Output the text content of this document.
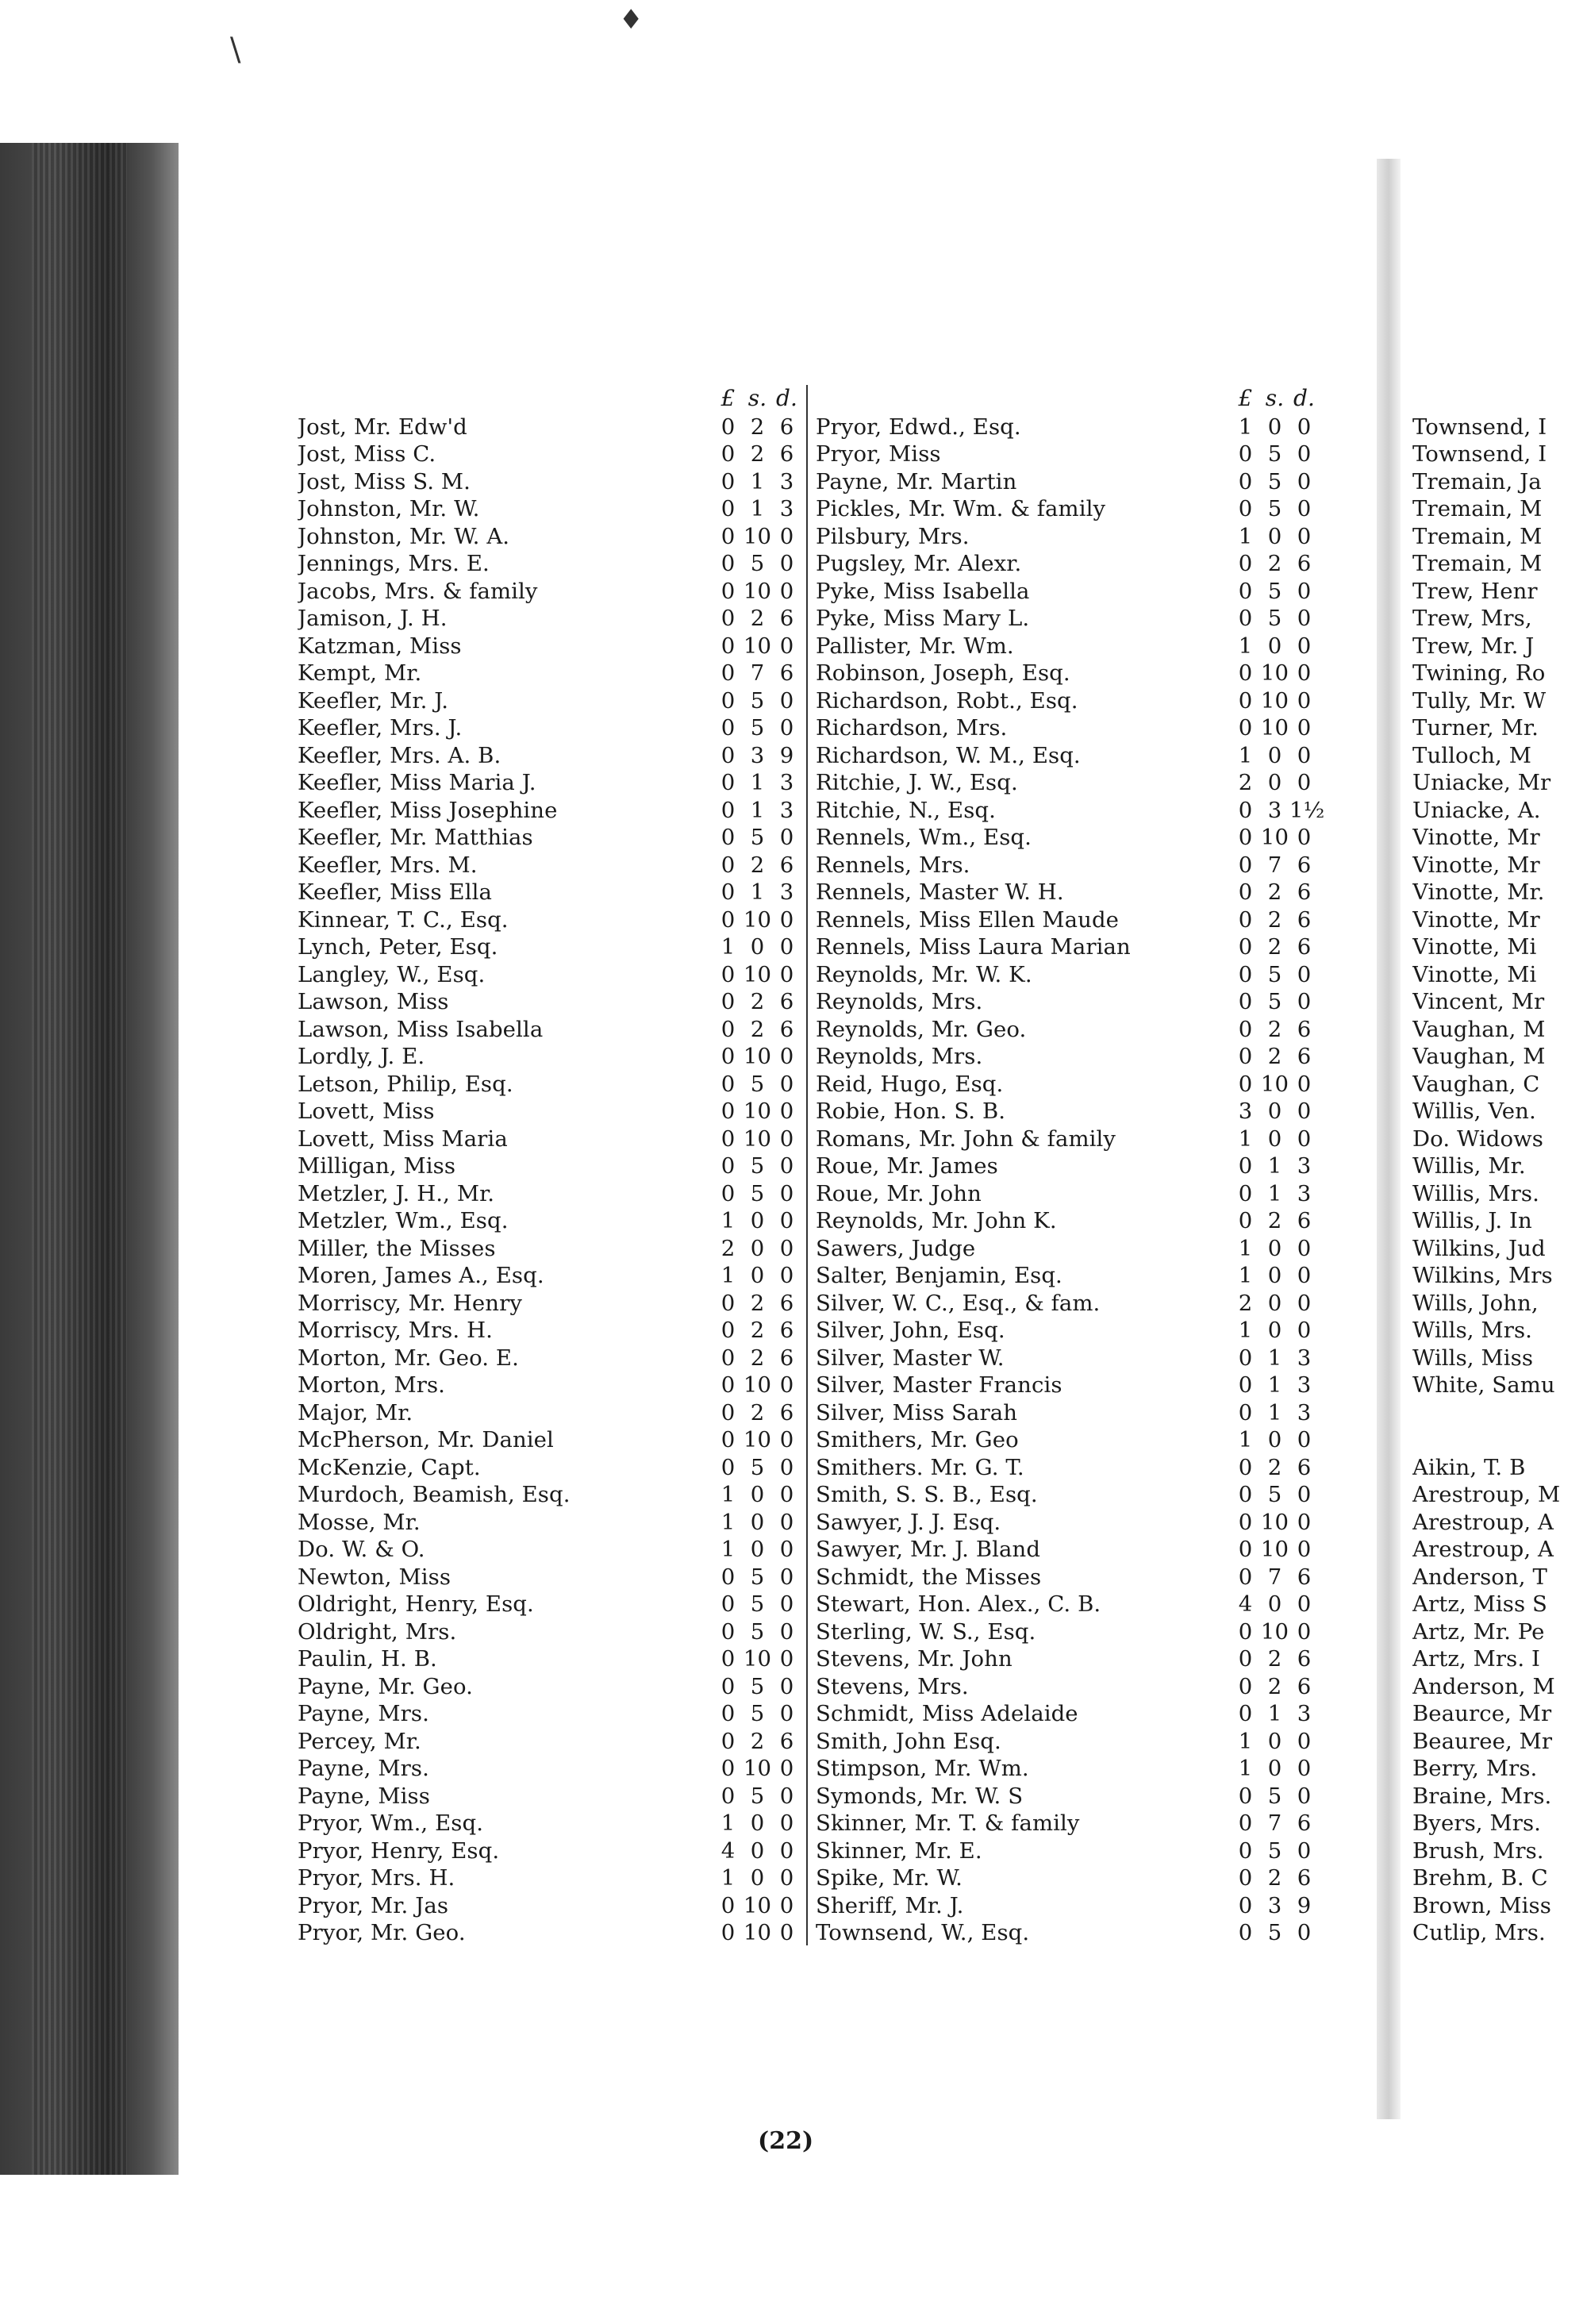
\
♦
£ s. d.
Jost, Mr. Edw'd	0 2 6
Jost, Miss C.	0 2 6
Jost, Miss S. M.	0 1 3
Johnston, Mr. W.	0 1 3
Johnston, Mr. W. A.	0 10 0
Jennings, Mrs. E.	0 5 0
Jacobs, Mrs. & family	0 10 0
Jamison, J. H.	0 2 6
Katzman, Miss	0 10 0
Kempt, Mr.	0 7 6
Keefler, Mr. J.	0 5 0
Keefler, Mrs. J.	0 5 0
Keefler, Mrs. A. B.	0 3 9
Keefler, Miss Maria J.	0 1 3
Keefler, Miss Josephine	0 1 3
Keefler, Mr. Matthias	0 5 0
Keefler, Mrs. M.	0 2 6
Keefler, Miss Ella	0 1 3
Kinnear, T. C., Esq.	0 10 0
Lynch, Peter, Esq.	1 0 0
Langley, W., Esq.	0 10 0
Lawson, Miss	0 2 6
Lawson, Miss Isabella	0 2 6
Lordly, J. E.	0 10 0
Letson, Philip, Esq.	0 5 0
Lovett, Miss	0 10 0
Lovett, Miss Maria	0 10 0
Milligan, Miss	0 5 0
Metzler, J. H., Mr.	0 5 0
Metzler, Wm., Esq.	1 0 0
Miller, the Misses	2 0 0
Moren, James A., Esq.	1 0 0
Morriscy, Mr. Henry	0 2 6
Morriscy, Mrs. H.	0 2 6
Morton, Mr. Geo. E.	0 2 6
Morton, Mrs.	0 10 0
Major, Mr.	0 2 6
McPherson, Mr. Daniel	0 10 0
McKenzie, Capt.	0 5 0
Murdoch, Beamish, Esq.	1 0 0
Mosse, Mr.	1 0 0
Do. W. & O.	1 0 0
Newton, Miss	0 5 0
Oldright, Henry, Esq.	0 5 0
Oldright, Mrs.	0 5 0
Paulin, H. B.	0 10 0
Payne, Mr. Geo.	0 5 0
Payne, Mrs.	0 5 0
Percey, Mr.	0 2 6
Payne, Mrs.	0 10 0
Payne, Miss	0 5 0
Pryor, Wm., Esq.	1 0 0
Pryor, Henry, Esq.	4 0 0
Pryor, Mrs. H.	1 0 0
Pryor, Mr. Jas	0 10 0
Pryor, Mr. Geo.	0 10 0
£ s. d.
Pryor, Edwd., Esq.	1 0 0
Pryor, Miss	0 5 0
Payne, Mr. Martin	0 5 0
Pickles, Mr. Wm. & family	0 5 0
Pilsbury, Mrs.	1 0 0
Pugsley, Mr. Alexr.	0 2 6
Pyke, Miss Isabella	0 5 0
Pyke, Miss Mary L.	0 5 0
Pallister, Mr. Wm.	1 0 0
Robinson, Joseph, Esq.	0 10 0
Richardson, Robt., Esq.	0 10 0
Richardson, Mrs.	0 10 0
Richardson, W. M., Esq.	1 0 0
Ritchie, J. W., Esq.	2 0 0
Ritchie, N., Esq.	0 3 1½
Rennels, Wm., Esq.	0 10 0
Rennels, Mrs.	0 7 6
Rennels, Master W. H.	0 2 6
Rennels, Miss Ellen Maude	0 2 6
Rennels, Miss Laura Marian	0 2 6
Reynolds, Mr. W. K.	0 5 0
Reynolds, Mrs.	0 5 0
Reynolds, Mr. Geo.	0 2 6
Reynolds, Mrs.	0 2 6
Reid, Hugo, Esq.	0 10 0
Robie, Hon. S. B.	3 0 0
Romans, Mr. John & family	1 0 0
Roue, Mr. James	0 1 3
Roue, Mr. John	0 1 3
Reynolds, Mr. John K.	0 2 6
Sawers, Judge	1 0 0
Salter, Benjamin, Esq.	1 0 0
Silver, W. C., Esq., & fam.	2 0 0
Silver, John, Esq.	1 0 0
Silver, Master W.	0 1 3
Silver, Master Francis	0 1 3
Silver, Miss Sarah	0 1 3
Smithers, Mr. Geo	1 0 0
Smithers. Mr. G. T.	0 2 6
Smith, S. S. B., Esq.	0 5 0
Sawyer, J. J. Esq.	0 10 0
Sawyer, Mr. J. Bland	0 10 0
Schmidt, the Misses	0 7 6
Stewart, Hon. Alex., C. B.	4 0 0
Sterling, W. S., Esq.	0 10 0
Stevens, Mr. John	0 2 6
Stevens, Mrs.	0 2 6
Schmidt, Miss Adelaide	0 1 3
Smith, John Esq.	1 0 0
Stimpson, Mr. Wm.	1 0 0
Symonds, Mr. W. S	0 5 0
Skinner, Mr. T. & family	0 7 6
Skinner, Mr. E.	0 5 0
Spike, Mr. W.	0 2 6
Sheriff, Mr. J.	0 3 9
Townsend, W., Esq.	0 5 0
Townsend, I
Townsend, I
Tremain, Ja
Tremain, M
Tremain, M
Tremain, M
Trew, Henr
Trew, Mrs,
Trew, Mr. J
Twining, Ro
Tully, Mr. W
Turner, Mr.
Tulloch, M
Uniacke, Mr
Uniacke, A.
Vinotte, Mr
Vinotte, Mr
Vinotte, Mr.
Vinotte, Mr
Vinotte, Mi
Vinotte, Mi
Vincent, Mr
Vaughan, M
Vaughan, M
Vaughan, C
Willis, Ven.
Do. Widows
Willis, Mr.
Willis, Mrs.
Willis, J. In
Wilkins, Jud
Wilkins, Mrs
Wills, John,
Wills, Mrs.
Wills, Miss
White, Samu
Aikin, T. B
Arestroup, M
Arestroup, A
Arestroup, A
Anderson, T
Artz, Miss S
Artz, Mr. Pe
Artz, Mrs. I
Anderson, M
Beaurce, Mr
Beauree, Mr
Berry, Mrs.
Braine, Mrs.
Byers, Mrs.
Brush, Mrs.
Brehm, B. C
Brown, Miss
Cutlip, Mrs.
(22)
